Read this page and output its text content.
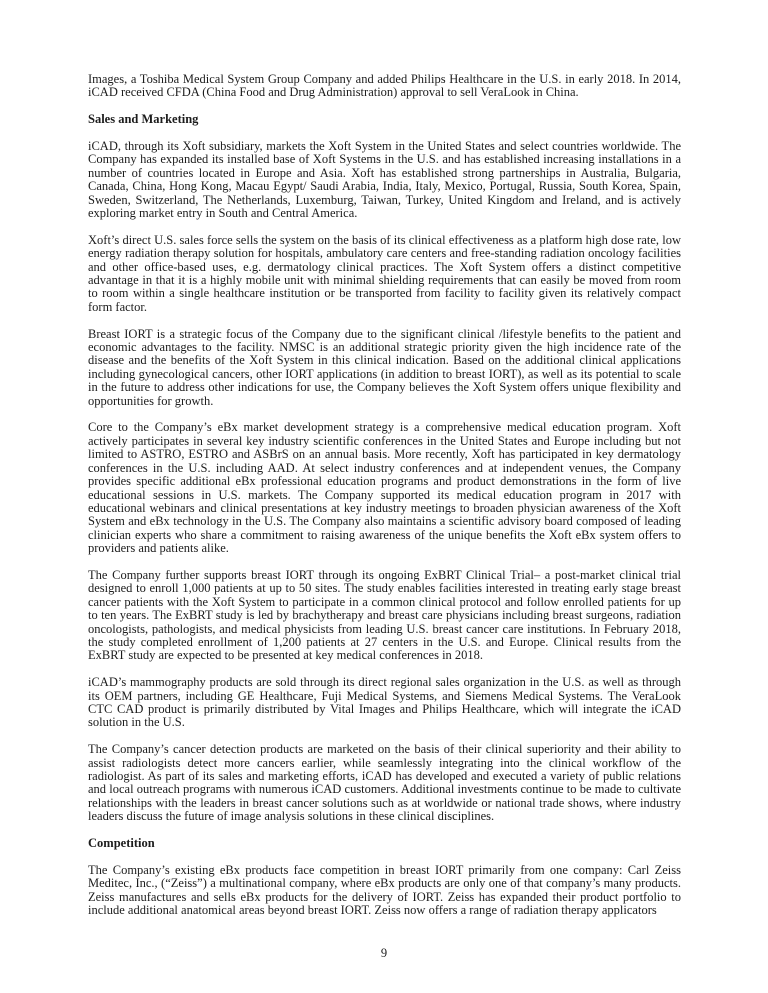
Images, a Toshiba Medical System Group Company and added Philips Healthcare in the U.S. in early 2018. In 2014, iCAD received CFDA (China Food and Drug Administration) approval to sell VeraLook in China.

Sales and Marketing

iCAD, through its Xoft subsidiary, markets the Xoft System in the United States and select countries worldwide. The Company has expanded its installed base of Xoft Systems in the U.S. and has established increasing installations in a number of countries located in Europe and Asia. Xoft has established strong partnerships in Australia, Bulgaria, Canada, China, Hong Kong, Macau Egypt/ Saudi Arabia, India, Italy, Mexico, Portugal, Russia, South Korea, Spain, Sweden, Switzerland, The Netherlands, Luxemburg, Taiwan, Turkey, United Kingdom and Ireland, and is actively exploring market entry in South and Central America.

Xoft’s direct U.S. sales force sells the system on the basis of its clinical effectiveness as a platform high dose rate, low energy radiation therapy solution for hospitals, ambulatory care centers and free-standing radiation oncology facilities and other office-based uses, e.g. dermatology clinical practices. The Xoft System offers a distinct competitive advantage in that it is a highly mobile unit with minimal shielding requirements that can easily be moved from room to room within a single healthcare institution or be transported from facility to facility given its relatively compact form factor.

Breast IORT is a strategic focus of the Company due to the significant clinical /lifestyle benefits to the patient and economic advantages to the facility. NMSC is an additional strategic priority given the high incidence rate of the disease and the benefits of the Xoft System in this clinical indication. Based on the additional clinical applications including gynecological cancers, other IORT applications (in addition to breast IORT), as well as its potential to scale in the future to address other indications for use, the Company believes the Xoft System offers unique flexibility and opportunities for growth.

Core to the Company’s eBx market development strategy is a comprehensive medical education program. Xoft actively participates in several key industry scientific conferences in the United States and Europe including but not limited to ASTRO, ESTRO and ASBrS on an annual basis. More recently, Xoft has participated in key dermatology conferences in the U.S. including AAD. At select industry conferences and at independent venues, the Company provides specific additional eBx professional education programs and product demonstrations in the form of live educational sessions in U.S. markets. The Company supported its medical education program in 2017 with educational webinars and clinical presentations at key industry meetings to broaden physician awareness of the Xoft System and eBx technology in the U.S. The Company also maintains a scientific advisory board composed of leading clinician experts who share a commitment to raising awareness of the unique benefits the Xoft eBx system offers to providers and patients alike.

The Company further supports breast IORT through its ongoing ExBRT Clinical Trial– a post-market clinical trial designed to enroll 1,000 patients at up to 50 sites. The study enables facilities interested in treating early stage breast cancer patients with the Xoft System to participate in a common clinical protocol and follow enrolled patients for up to ten years. The ExBRT study is led by brachytherapy and breast care physicians including breast surgeons, radiation oncologists, pathologists, and medical physicists from leading U.S. breast cancer care institutions. In February 2018, the study completed enrollment of 1,200 patients at 27 centers in the U.S. and Europe. Clinical results from the ExBRT study are expected to be presented at key medical conferences in 2018.

iCAD’s mammography products are sold through its direct regional sales organization in the U.S. as well as through its OEM partners, including GE Healthcare, Fuji Medical Systems, and Siemens Medical Systems. The VeraLook CTC CAD product is primarily distributed by Vital Images and Philips Healthcare, which will integrate the iCAD solution in the U.S.

The Company’s cancer detection products are marketed on the basis of their clinical superiority and their ability to assist radiologists detect more cancers earlier, while seamlessly integrating into the clinical workflow of the radiologist. As part of its sales and marketing efforts, iCAD has developed and executed a variety of public relations and local outreach programs with numerous iCAD customers. Additional investments continue to be made to cultivate relationships with the leaders in breast cancer solutions such as at worldwide or national trade shows, where industry leaders discuss the future of image analysis solutions in these clinical disciplines.

Competition

The Company’s existing eBx products face competition in breast IORT primarily from one company: Carl Zeiss Meditec, Inc., (“Zeiss”) a multinational company, where eBx products are only one of that company’s many products. Zeiss manufactures and sells eBx products for the delivery of IORT. Zeiss has expanded their product portfolio to include additional anatomical areas beyond breast IORT. Zeiss now offers a range of radiation therapy applicators

9
